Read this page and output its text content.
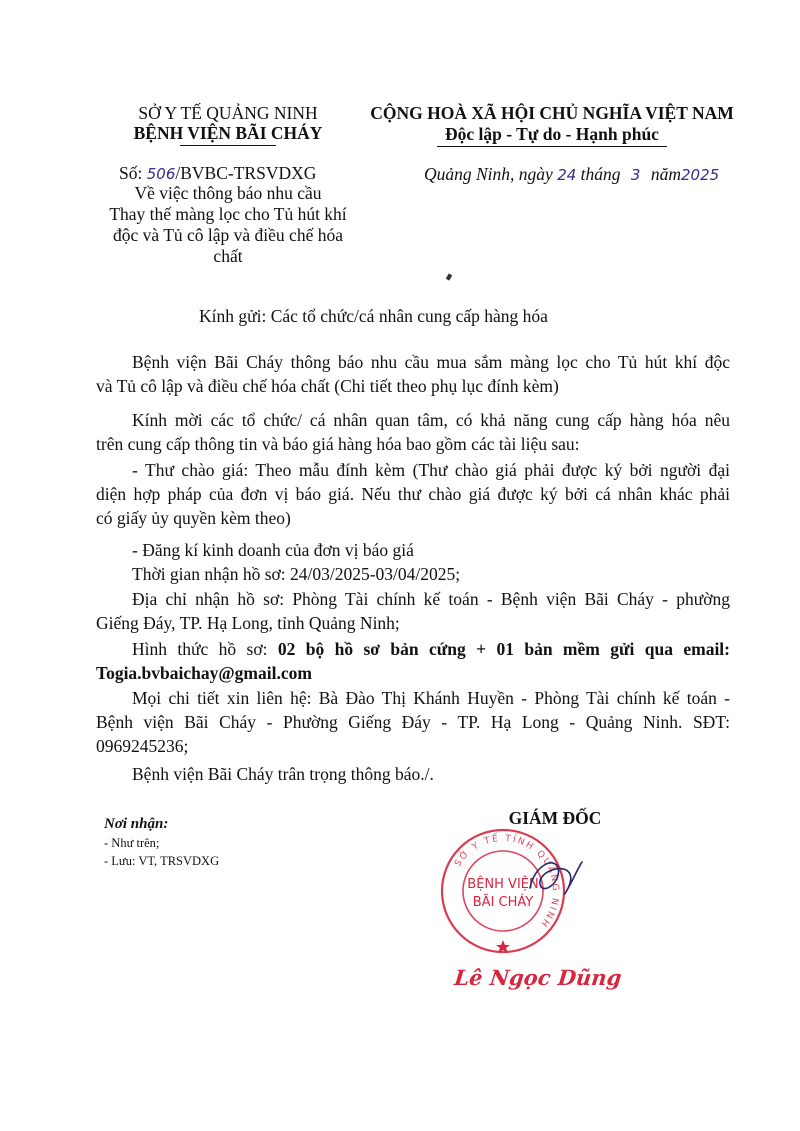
SỞ Y TẾ QUẢNG NINH
BỆNH VIỆN BÃI CHÁY
Số: 506/BVBC-TRSVDXG
Về việc thông báo nhu cầu
Thay thế màng lọc cho Tủ hút khí
độc và Tủ cô lập và điều chế hóa
chất
CỘNG HOÀ XÃ HỘI CHỦ NGHĨA VIỆT NAM
Độc lập - Tự do - Hạnh phúc
Quảng Ninh, ngày 24 tháng 3 năm2025
Kính gửi: Các tổ chức/cá nhân cung cấp hàng hóa
Bệnh viện Bãi Cháy thông báo nhu cầu mua sắm màng lọc cho Tủ hút khí độc
và Tủ cô lập và điều chế hóa chất (Chi tiết theo phụ lục đính kèm)
Kính mời các tổ chức/ cá nhân quan tâm, có khả năng cung cấp hàng hóa nêu
trên cung cấp thông tin và báo giá hàng hóa bao gồm các tài liệu sau:
- Thư chào giá: Theo mẫu đính kèm (Thư chào giá phải được ký bởi người đại
diện hợp pháp của đơn vị báo giá. Nếu thư chào giá được ký bởi cá nhân khác phải
có giấy ủy quyền kèm theo)
- Đăng kí kinh doanh của đơn vị báo giá
Thời gian nhận hồ sơ: 24/03/2025-03/04/2025;
Địa chỉ nhận hồ sơ: Phòng Tài chính kế toán - Bệnh viện Bãi Cháy - phường
Giếng Đáy, TP. Hạ Long, tỉnh Quảng Ninh;
Hình thức hồ sơ: 02 bộ hồ sơ bản cứng + 01 bản mềm gửi qua email:
Togia.bvbaichay@gmail.com
Mọi chi tiết xin liên hệ: Bà Đào Thị Khánh Huyền - Phòng Tài chính kế toán -
Bệnh viện Bãi Cháy - Phường Giếng Đáy - TP. Hạ Long - Quảng Ninh. SĐT:
0969245236;
Bệnh viện Bãi Cháy trân trọng thông báo./.
Nơi nhận:
- Như trên;
- Lưu: VT, TRSVDXG
GIÁM ĐỐC
SỞ Y TẾ TỈNH QUẢNG NINH
BỆNH VIỆN
BÃI CHÁY
Lê Ngọc Dũng
